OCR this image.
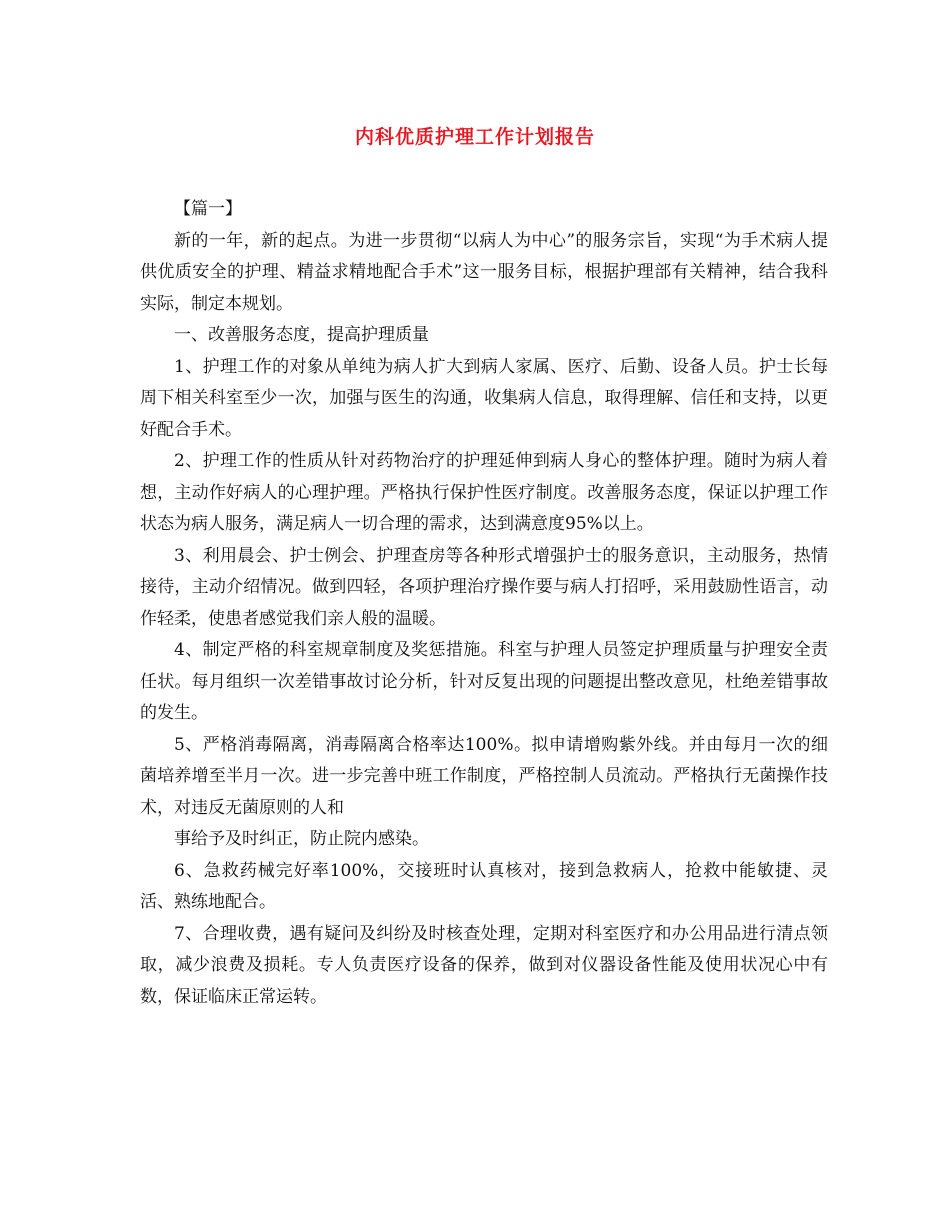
内科优质护理工作计划报告

【篇一】

新的一年，新的起点。为进一步贯彻“以病人为中心”的服务宗旨，实现“为手术病人提供优质安全的护理、精益求精地配合手术”这一服务目标，根据护理部有关精神，结合我科实际，制定本规划。

一、改善服务态度，提高护理质量

1、护理工作的对象从单纯为病人扩大到病人家属、医疗、后勤、设备人员。护士长每周下相关科室至少一次，加强与医生的沟通，收集病人信息，取得理解、信任和支持，以更好配合手术。

2、护理工作的性质从针对药物治疗的护理延伸到病人身心的整体护理。随时为病人着想，主动作好病人的心理护理。严格执行保护性医疗制度。改善服务态度，保证以护理工作状态为病人服务，满足病人一切合理的需求，达到满意度95%以上。

3、利用晨会、护士例会、护理查房等各种形式增强护士的服务意识，主动服务，热情接待，主动介绍情况。做到四轻，各项护理治疗操作要与病人打招呼，采用鼓励性语言，动作轻柔，使患者感觉我们亲人般的温暖。

4、制定严格的科室规章制度及奖惩措施。科室与护理人员签定护理质量与护理安全责任状。每月组织一次差错事故讨论分析，针对反复出现的问题提出整改意见，杜绝差错事故的发生。

5、严格消毒隔离，消毒隔离合格率达100%。拟申请增购紫外线。并由每月一次的细菌培养增至半月一次。进一步完善中班工作制度，严格控制人员流动。严格执行无菌操作技术，对违反无菌原则的人和

事给予及时纠正，防止院内感染。

6、急救药械完好率100%，交接班时认真核对，接到急救病人，抢救中能敏捷、灵活、熟练地配合。

7、合理收费，遇有疑问及纠纷及时核查处理，定期对科室医疗和办公用品进行清点领取，减少浪费及损耗。专人负责医疗设备的保养，做到对仪器设备性能及使用状况心中有数，保证临床正常运转。
